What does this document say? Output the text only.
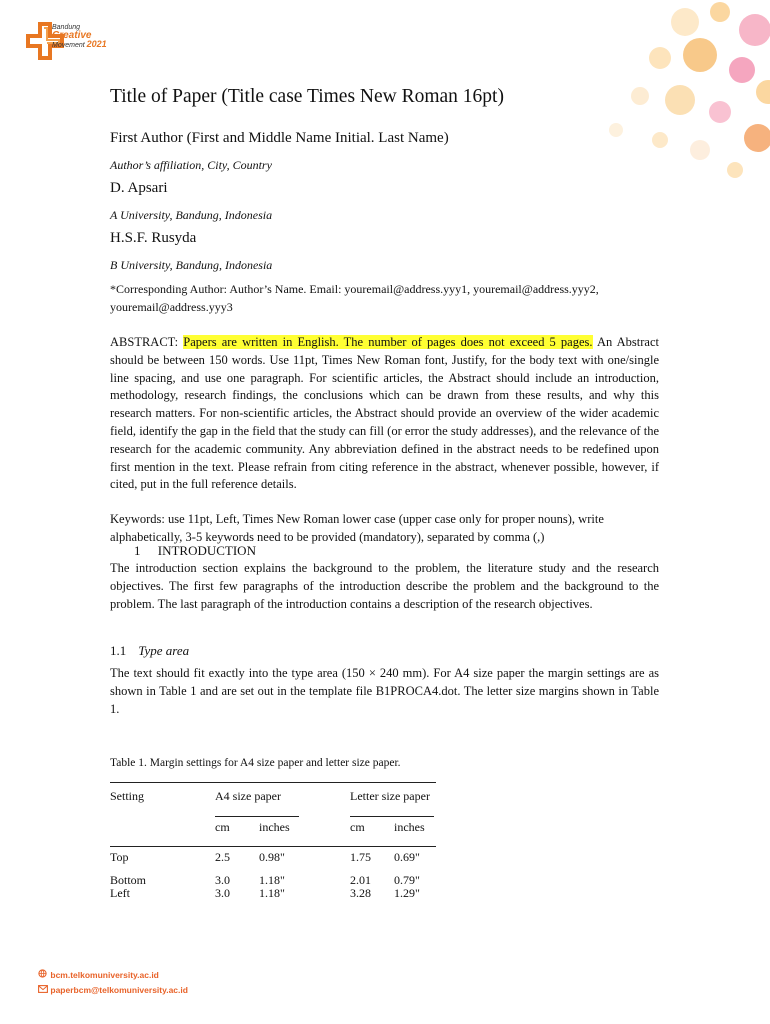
Bandung
Creative
Movement 2021
Title of Paper (Title case Times New Roman 16pt)
First Author (First and Middle Name Initial. Last Name)
Author’s affiliation, City, Country
D. Apsari
A University, Bandung, Indonesia
H.S.F. Rusyda
B University, Bandung, Indonesia
*Corresponding Author: Author’s Name. Email: youremail@address.yyy1, youremail@address.yyy2, youremail@address.yyy3
ABSTRACT: Papers are written in English. The number of pages does not exceed 5 pages. An Abstract should be between 150 words. Use 11pt, Times New Roman font, Justify, for the body text with one/single line spacing, and use one paragraph. For scientific articles, the Abstract should include an introduction, methodology, research findings, the conclusions which can be drawn from these results, and why this research matters. For non-scientific articles, the Abstract should provide an overview of the wider academic field, identify the gap in the field that the study can fill (or error the study addresses), and the relevance of the research for the academic community. Any abbreviation defined in the abstract needs to be redefined upon first mention in the text. Please refrain from citing reference in the abstract, whenever possible, however, if cited, put in the full reference details.
Keywords: use 11pt, Left, Times New Roman lower case (upper case only for proper nouns), write alphabetically, 3-5 keywords need to be provided (mandatory), separated by comma (,)
1 INTRODUCTION
The introduction section explains the background to the problem, the literature study and the research objectives. The first few paragraphs of the introduction describe the problem and the background to the problem. The last paragraph of the introduction contains a description of the research objectives.
1.1 Type area
The text should fit exactly into the type area (150 × 240 mm). For A4 size paper the margin settings are as shown in Table 1 and are set out in the template file B1PROCA4.dot. The letter size margins shown in Table 1.
Table 1. Margin settings for A4 size paper and letter size paper.
Setting	A4 size paper	Letter size paper
cm inches	cm inches
Top	2.5 0.98"	1.75 0.69"
Bottom	3.0 1.18"	2.01 0.79"
Left	3.0 1.18"	3.28 1.29"
bcm.telkomuniversity.ac.id
paperbcm@telkomuniversity.ac.id
